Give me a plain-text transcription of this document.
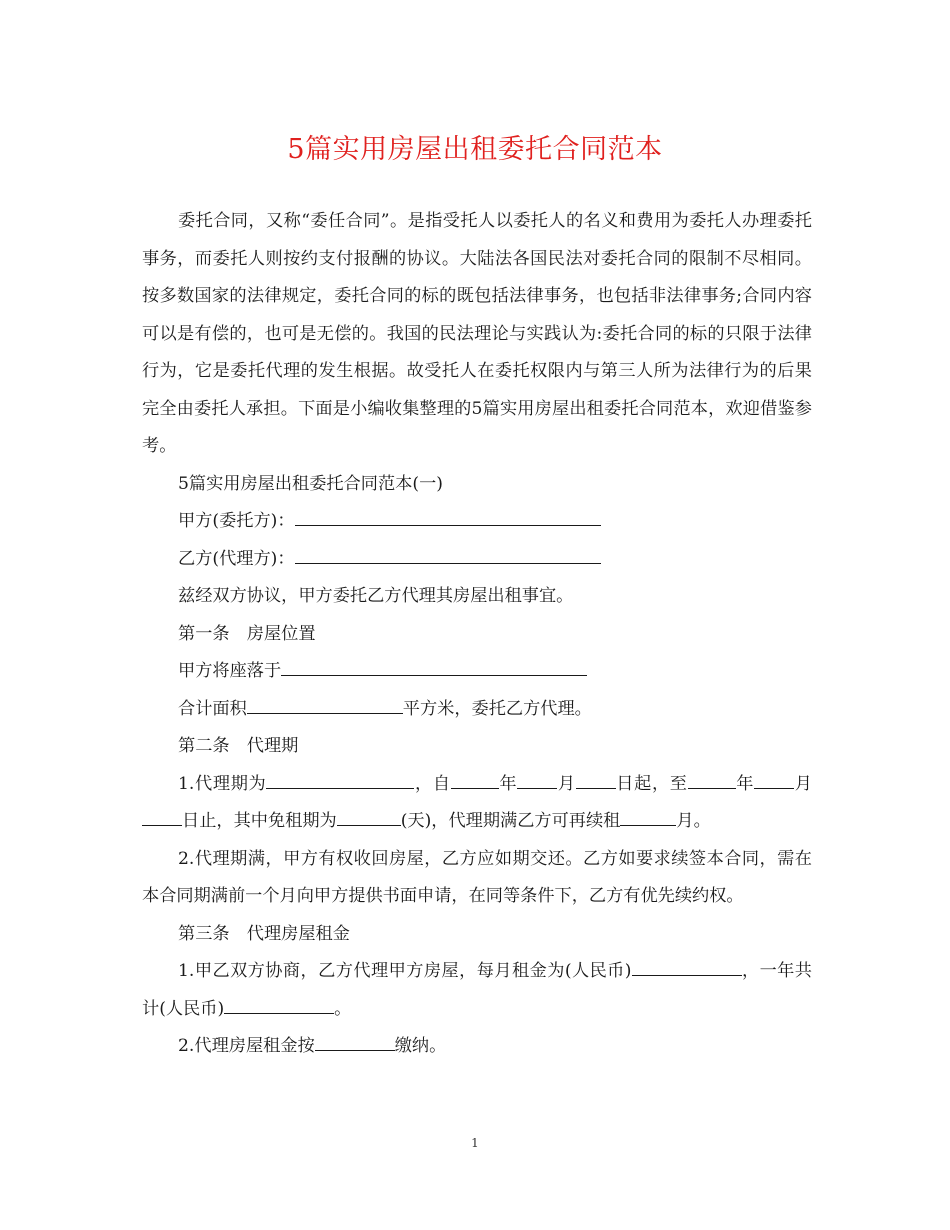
5篇实用房屋出租委托合同范本

委托合同，又称“委任合同”。是指受托人以委托人的名义和费用为委托人办理委托事务，而委托人则按约支付报酬的协议。大陆法各国民法对委托合同的限制不尽相同。按多数国家的法律规定，委托合同的标的既包括法律事务，也包括非法律事务;合同内容可以是有偿的，也可是无偿的。我国的民法理论与实践认为:委托合同的标的只限于法律行为，它是委托代理的发生根据。故受托人在委托权限内与第三人所为法律行为的后果完全由委托人承担。下面是小编收集整理的5篇实用房屋出租委托合同范本，欢迎借鉴参考。

5篇实用房屋出租委托合同范本(一)

甲方(委托方)：

乙方(代理方)：

兹经双方协议，甲方委托乙方代理其房屋出租事宜。

第一条　房屋位置

甲方将座落于

合计面积	平方米，委托乙方代理。

第二条　代理期

1.代理期为	，自	年 月 日起，至	年 月日止，其中免租期为	(天)，代理期满乙方可再续租	月。

2.代理期满，甲方有权收回房屋，乙方应如期交还。乙方如要求续签本合同，需在本合同期满前一个月向甲方提供书面申请，在同等条件下，乙方有优先续约权。

第三条　代理房屋租金

1.甲乙双方协商，乙方代理甲方房屋，每月租金为(人民币)	，一年共计(人民币)	。

2.代理房屋租金按	缴纳。

1
